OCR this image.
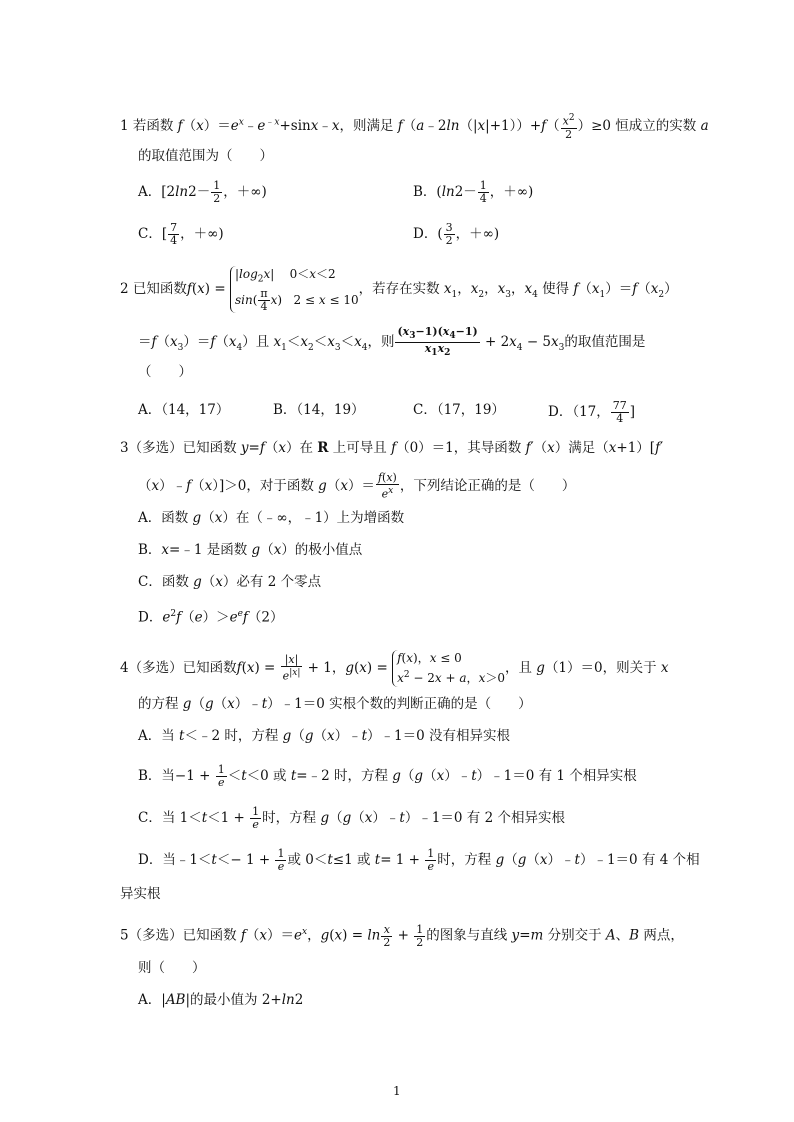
1 若函数 $f(x)=e^x﹣e^{﹣x}+\sin x﹣x$，则满足 f（a﹣2ln（|x|+1））+f（ $\frac{x^2}{2} )\ge 0$ 恒成立的实数 a
的取值范围为（　　）
A．[$2\ln 2- \frac{1}{2}$ ，＋∞)	B．($\ln 2- \frac{1}{4}$ ，＋∞)
C．[ $\frac{7}{4}$ ，＋∞)	D．( $\frac{3}{2}$ ，＋∞)
2 已知函数$f(x) = |\log_2x|$    0＜x＜2
$\sin( \frac{\pi}{4} x)$   2 ≤ x ≤ 10，若存在实数 $x_1$，$x_2$，$x_3$，$x_4$ 使得 $f(x_1)=f(x_2)$
$=f(x_3)=f(x_4)$且 $x_1<x_2<x_3<x_4$，则 $\frac{(x_3-1)(x_4-1)}{x_1x_2} + 2x_4 - 5x_3$的取值范围是
（　　）
A．（14，17）	B．（14，19）	C．（17，19）	D．（17， $\frac{77}{4}$ ]
3（多选）已知函数 y=f（x）在 R 上可导且 f（0）＝1，其导函数 f′（x）满足（x+1）[f′
（x）﹣f（x）]＞0，对于函数 $g(x)= \frac{f(x)}{e^x}$ ，下列结论正确的是（　　）
A．函数 g（x）在（﹣∞，﹣1）上为增函数
B．x=﹣1 是函数 g（x）的极小值点
C．函数 g（x）必有 2 个零点
D．$e^2f(e)>e^ef(2)$
4（多选）已知函数$f(x) = \frac{|x|}{e^{|x|}} + 1$，g(x) = f(x)，x ≤ 0
$x^2 - 2x + a$，x＞0，且 g（1）＝0，则关于 x
的方程 g（g（x）﹣t）﹣1＝0 实根个数的判断正确的是（　　）
A．当 t＜﹣2 时，方程 g（g（x）﹣t）﹣1＝0 没有相异实根
B．当$-1 + \frac{1}{e} <t<0$ 或 t=﹣2 时，方程 g（g（x）﹣t）﹣1＝0 有 1 个相异实根
C．当 $1<t<1 + \frac{1}{e}$ 时，方程 g（g（x）﹣t）﹣1＝0 有 2 个相异实根
D．当﹣1＜t＜− $1 + \frac{1}{e}$ 或 0＜t≤1 或 $t= 1 + \frac{1}{e}$ 时，方程 g（g（x）﹣t）﹣1＝0 有 4 个相
异实根
5（多选）已知函数 $f(x)=e^x$，$g(x) = \ln \frac{x}{2} + \frac{1}{2}$ 的图象与直线 y=m 分别交于 A、B 两点，
则（　　）
A．|AB|的最小值为 2+ln2
1
